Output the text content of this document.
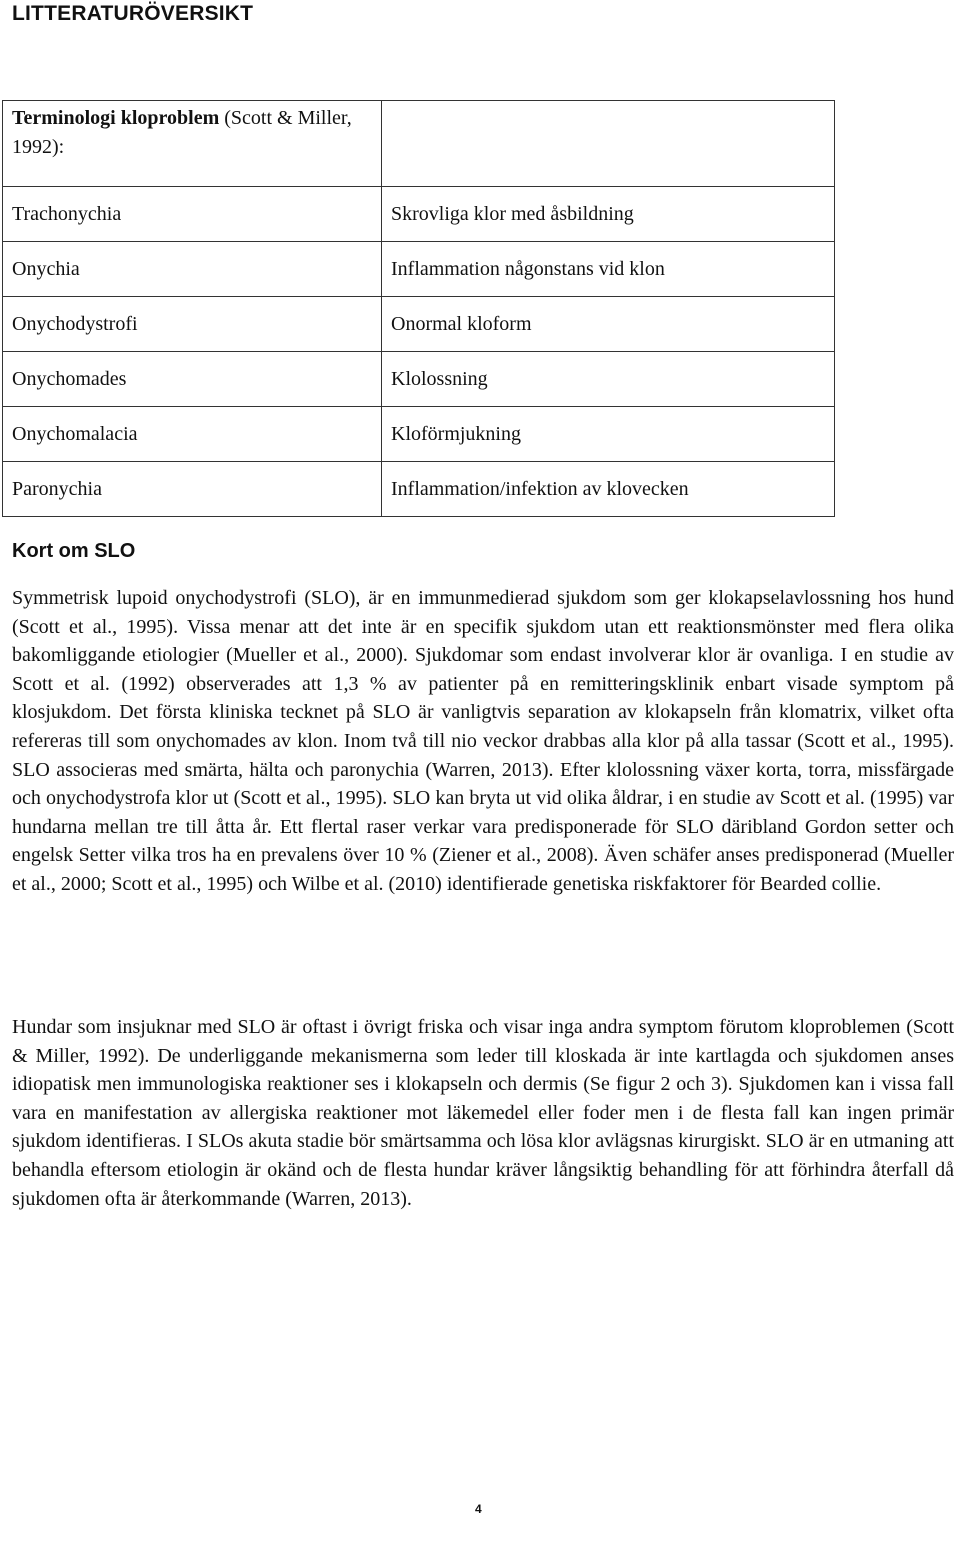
LITTERATURÖVERSIKT
Terminologi kloproblem (Scott & Miller, 1992):	
Trachonychia	Skrovliga klor med åsbildning
Onychia	Inflammation någonstans vid klon
Onychodystrofi	Onormal kloform
Onychomades	Klolossning
Onychomalacia	Kloförmjukning
Paronychia	Inflammation/infektion av klovecken
Kort om SLO

Symmetrisk lupoid onychodystrofi (SLO), är en immunmedierad sjukdom som ger klokapselavlossning hos hund (Scott et al., 1995). Vissa menar att det inte är en specifik sjukdom utan ett reaktionsmönster med flera olika bakomliggande etiologier (Mueller et al., 2000). Sjukdomar som endast involverar klor är ovanliga. I en studie av Scott et al. (1992) observerades att 1,3 % av patienter på en remitteringsklinik enbart visade symptom på klosjukdom. Det första kliniska tecknet på SLO är vanligtvis separation av klokapseln från klomatrix, vilket ofta refereras till som onychomades av klon. Inom två till nio veckor drabbas alla klor på alla tassar (Scott et al., 1995). SLO associeras med smärta, hälta och paronychia (Warren, 2013). Efter klolossning växer korta, torra, missfärgade och onychodystrofa klor ut (Scott et al., 1995). SLO kan bryta ut vid olika åldrar, i en studie av Scott et al. (1995) var hundarna mellan tre till åtta år. Ett flertal raser verkar vara predisponerade för SLO däribland Gordon setter och engelsk Setter vilka tros ha en prevalens över 10 % (Ziener et al., 2008). Även schäfer anses predisponerad (Mueller et al., 2000; Scott et al., 1995) och Wilbe et al. (2010) identifierade genetiska riskfaktorer för Bearded collie.

Hundar som insjuknar med SLO är oftast i övrigt friska och visar inga andra symptom förutom kloproblemen (Scott & Miller, 1992). De underliggande mekanismerna som leder till kloskada är inte kartlagda och sjukdomen anses idiopatisk men immunologiska reaktioner ses i klokapseln och dermis (Se figur 2 och 3). Sjukdomen kan i vissa fall vara en manifestation av allergiska reaktioner mot läkemedel eller foder men i de flesta fall kan ingen primär sjukdom identifieras. I SLOs akuta stadie bör smärtsamma och lösa klor avlägsnas kirurgiskt. SLO är en utmaning att behandla eftersom etiologin är okänd och de flesta hundar kräver långsiktig behandling för att förhindra återfall då sjukdomen ofta är återkommande (Warren, 2013).

4
